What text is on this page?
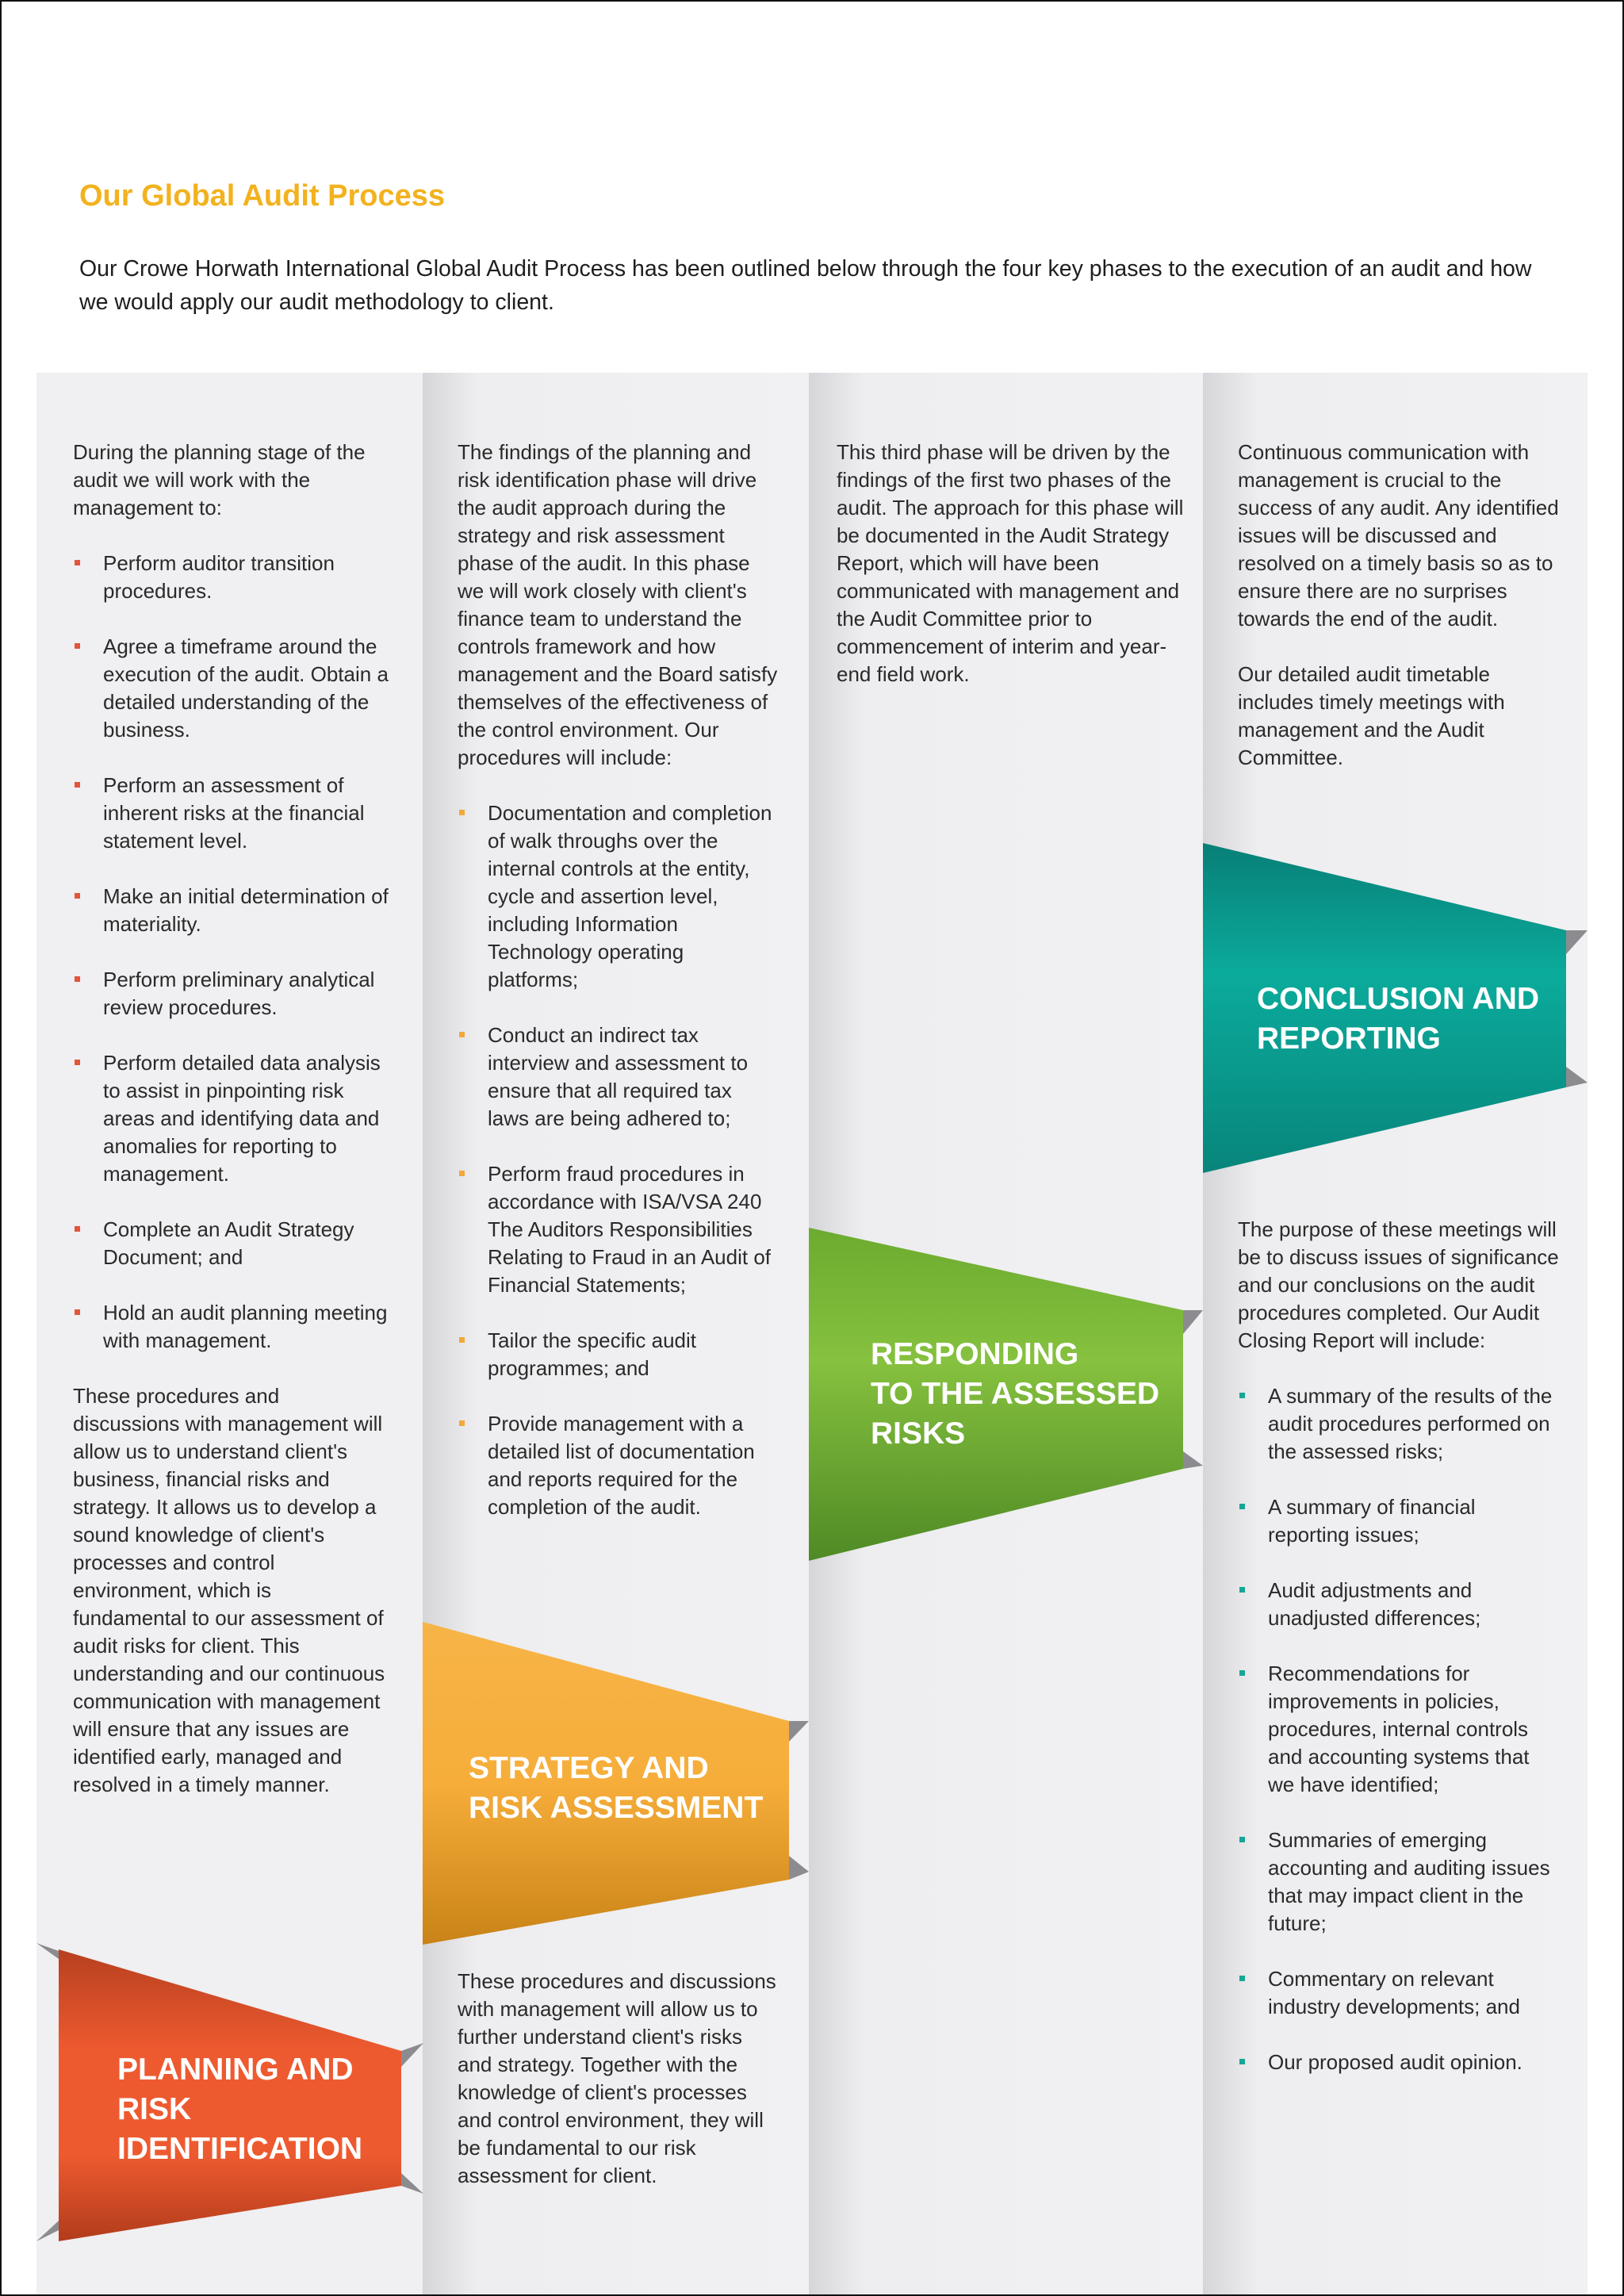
Our Global Audit Process

Our Crowe Horwath International Global Audit Process has been outlined below through the four key phases to the execution of an audit and how we would apply our audit methodology to client.

During the planning stage of the audit we will work with the management to:

Perform auditor transition procedures.
Agree a timeframe around the execution of the audit. Obtain a detailed understanding of the business.
Perform an assessment of inherent risks at the financial statement level.
Make an initial determination of materiality.
Perform preliminary analytical review procedures.
Perform detailed data analysis to assist in pinpointing risk areas and identifying data and anomalies for reporting to management.
Complete an Audit Strategy Document; and
Hold an audit planning meeting with management.

These procedures and discussions with management will allow us to understand client's business, financial risks and strategy. It allows us to develop a sound knowledge of client's processes and control environment, which is fundamental to our assessment of audit risks for client. This understanding and our continuous communication with management will ensure that any issues are identified early, managed and resolved in a timely manner.

The findings of the planning and risk identification phase will drive the audit approach during the strategy and risk assessment phase of the audit. In this phase we will work closely with client's finance team to understand the controls framework and how management and the Board satisfy themselves of the effectiveness of the control environment. Our procedures will include:

Documentation and completion of walk throughs over the internal controls at the entity, cycle and assertion level, including Information Technology operating platforms;
Conduct an indirect tax interview and assessment to ensure that all required tax laws are being adhered to;
Perform fraud procedures in accordance with ISA/VSA 240 The Auditors Responsibilities Relating to Fraud in an Audit of Financial Statements;
Tailor the specific audit programmes; and
Provide management with a detailed list of documentation and reports required for the completion of the audit.

These procedures and discussions with management will allow us to further understand client's risks and strategy. Together with the knowledge of client's processes and control environment, they will be fundamental to our risk assessment for client.

This third phase will be driven by the findings of the first two phases of the audit. The approach for this phase will be documented in the Audit Strategy Report, which will have been communicated with management and the Audit Committee prior to commencement of interim and year-end field work.

Continuous communication with management is crucial to the success of any audit. Any identified issues will be discussed and resolved on a timely basis so as to ensure there are no surprises towards the end of the audit.

Our detailed audit timetable includes timely meetings with management and the Audit Committee.

The purpose of these meetings will be to discuss issues of significance and our conclusions on the audit procedures completed. Our Audit Closing Report will include:

A summary of the results of the audit procedures performed on the assessed risks;
A summary of financial reporting issues;
Audit adjustments and unadjusted differences;
Recommendations for improvements in policies, procedures, internal controls and accounting systems that we have identified;
Summaries of emerging accounting and auditing issues that may impact client in the future;
Commentary on relevant industry developments; and
Our proposed audit opinion.
PLANNING AND
RISK
IDENTIFICATION
STRATEGY AND
RISK ASSESSMENT
RESPONDING
TO THE ASSESSED
RISKS
CONCLUSION AND
REPORTING
